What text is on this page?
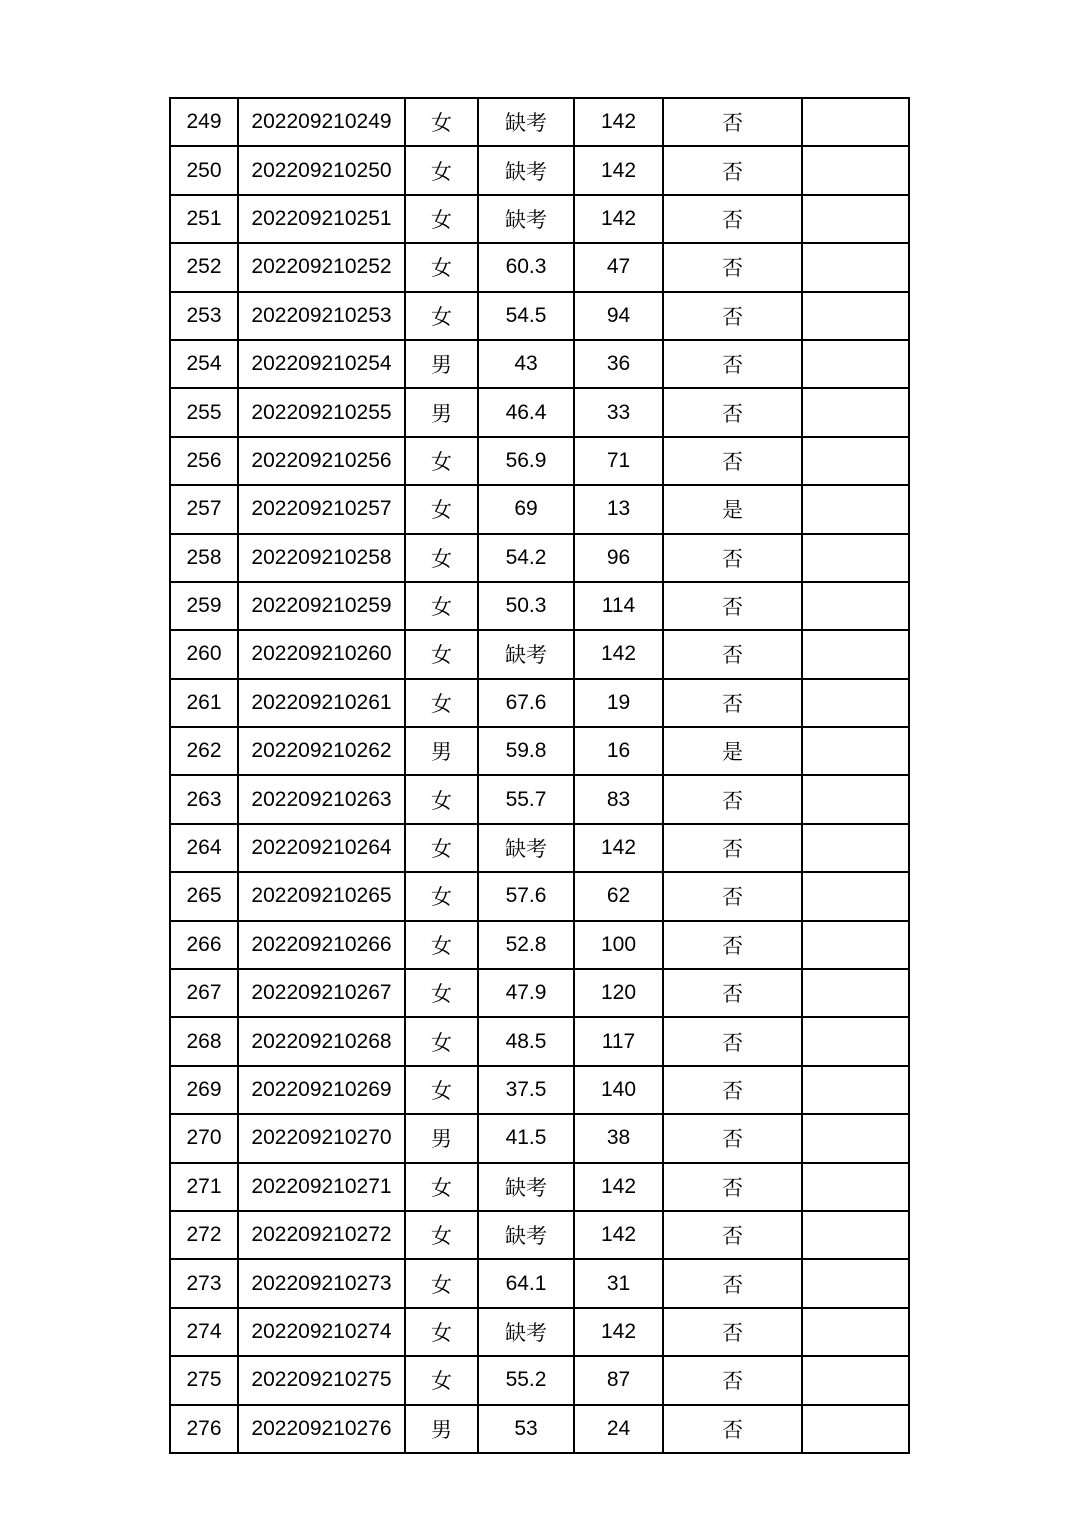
249	202209210249	女	缺考	142	否	
250	202209210250	女	缺考	142	否	
251	202209210251	女	缺考	142	否	
252	202209210252	女	60.3	47	否	
253	202209210253	女	54.5	94	否	
254	202209210254	男	43	36	否	
255	202209210255	男	46.4	33	否	
256	202209210256	女	56.9	71	否	
257	202209210257	女	69	13	是	
258	202209210258	女	54.2	96	否	
259	202209210259	女	50.3	114	否	
260	202209210260	女	缺考	142	否	
261	202209210261	女	67.6	19	否	
262	202209210262	男	59.8	16	是	
263	202209210263	女	55.7	83	否	
264	202209210264	女	缺考	142	否	
265	202209210265	女	57.6	62	否	
266	202209210266	女	52.8	100	否	
267	202209210267	女	47.9	120	否	
268	202209210268	女	48.5	117	否	
269	202209210269	女	37.5	140	否	
270	202209210270	男	41.5	38	否	
271	202209210271	女	缺考	142	否	
272	202209210272	女	缺考	142	否	
273	202209210273	女	64.1	31	否	
274	202209210274	女	缺考	142	否	
275	202209210275	女	55.2	87	否	
276	202209210276	男	53	24	否	
